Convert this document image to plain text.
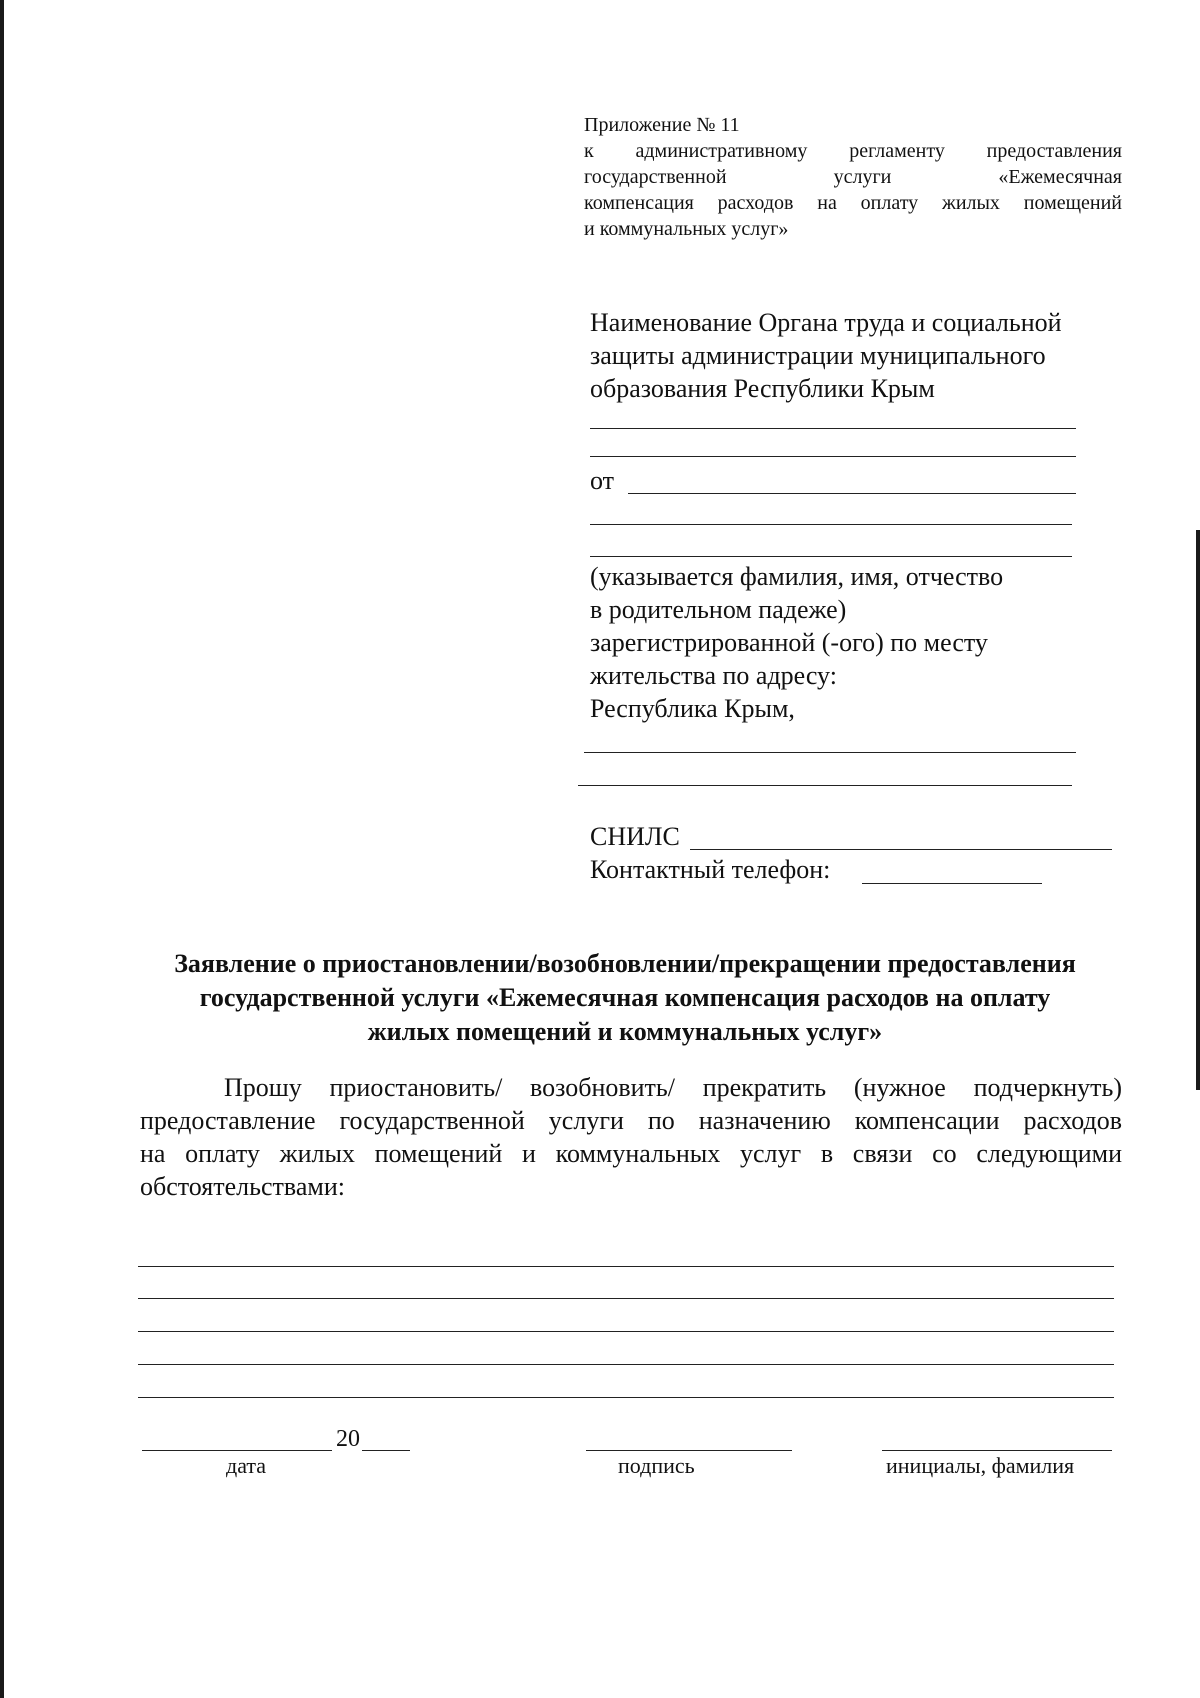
Приложение № 11
к административному регламенту предоставления
государственной услуги «Ежемесячная
компенсация расходов на оплату жилых помещений
и коммунальных услуг»
Наименование Органа труда и социальной
защиты администрации муниципального
образования Республики Крым
от
(указывается фамилия, имя, отчество
в родительном падеже)
зарегистрированной (-ого) по месту
жительства по адресу:
Республика Крым,
СНИЛС
Контактный телефон:
Заявление о приостановлении/возобновлении/прекращении предоставления
государственной услуги «Ежемесячная компенсация расходов на оплату
жилых помещений и коммунальных услуг»
Прошу приостановить/ возобновить/ прекратить (нужное подчеркнуть)
предоставление государственной услуги по назначению компенсации расходов
на оплату жилых помещений и коммунальных услуг в связи со следующими
обстоятельствами:
20
дата	подпись	инициалы, фамилия
